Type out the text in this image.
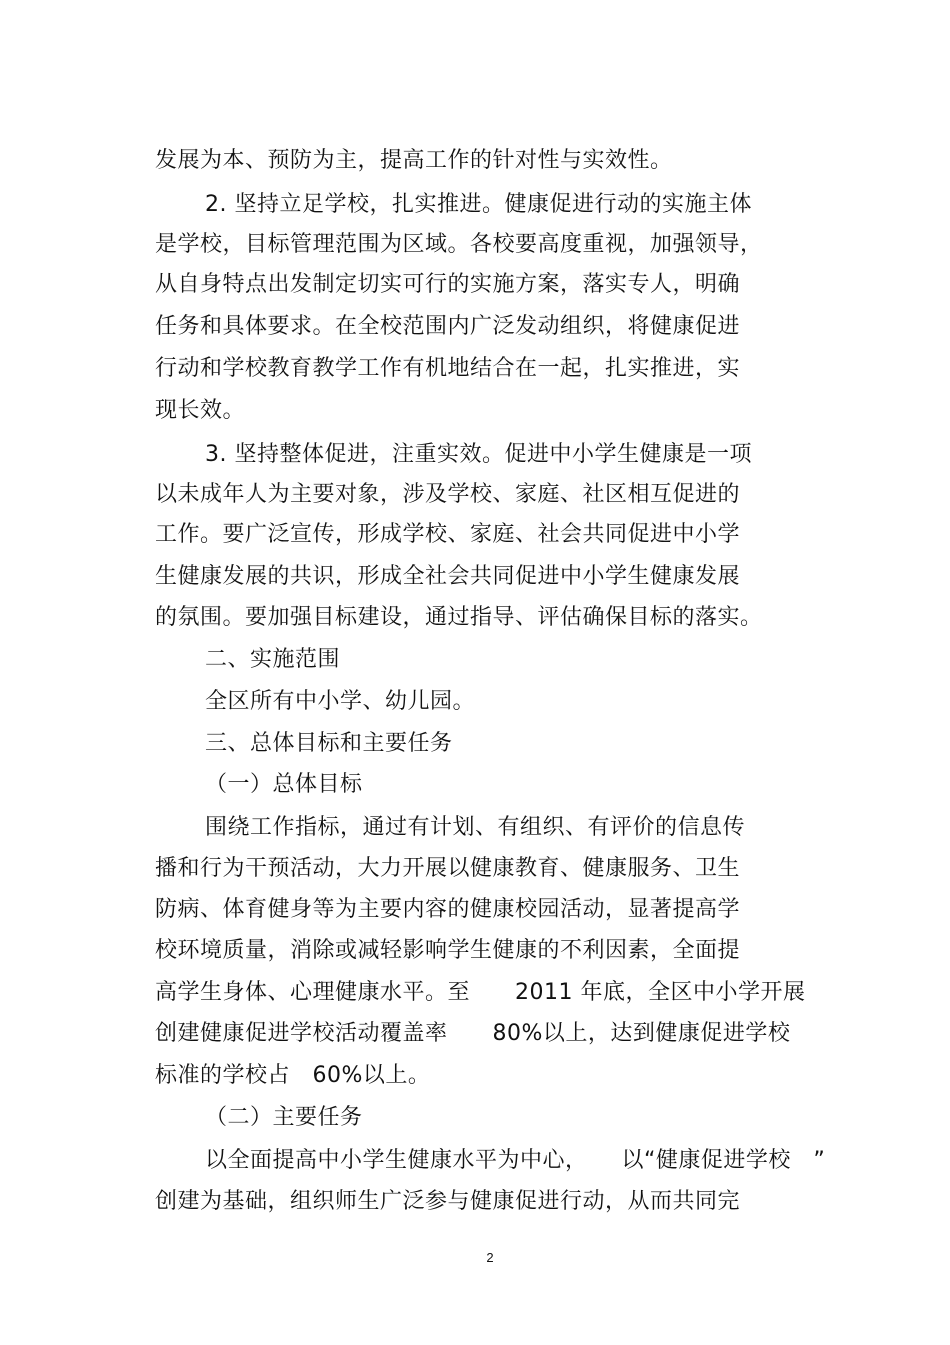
发展为本、预防为主，提高工作的针对性与实效性。
2. 坚持立足学校，扎实推进。健康促进行动的实施主体
是学校，目标管理范围为区域。各校要高度重视，加强领导，
从自身特点出发制定切实可行的实施方案，落实专人，明确
任务和具体要求。在全校范围内广泛发动组织，将健康促进
行动和学校教育教学工作有机地结合在一起，扎实推进，实
现长效。
3. 坚持整体促进，注重实效。促进中小学生健康是一项
以未成年人为主要对象，涉及学校、家庭、社区相互促进的
工作。要广泛宣传，形成学校、家庭、社会共同促进中小学
生健康发展的共识，形成全社会共同促进中小学生健康发展
的氛围。要加强目标建设，通过指导、评估确保目标的落实。
二、实施范围
全区所有中小学、幼儿园。
三、总体目标和主要任务
（一）总体目标
围绕工作指标，通过有计划、有组织、有评价的信息传
播和行为干预活动，大力开展以健康教育、健康服务、卫生
防病、体育健身等为主要内容的健康校园活动，显著提高学
校环境质量，消除或减轻影响学生健康的不利因素，全面提
高学生身体、心理健康水平。至　　2011 年底，全区中小学开展
创建健康促进学校活动覆盖率　　80%以上，达到健康促进学校
标准的学校占　60%以上。
（二）主要任务
以全面提高中小学生健康水平为中心，　　以“健康促进学校　”
创建为基础，组织师生广泛参与健康促进行动，从而共同完
2
